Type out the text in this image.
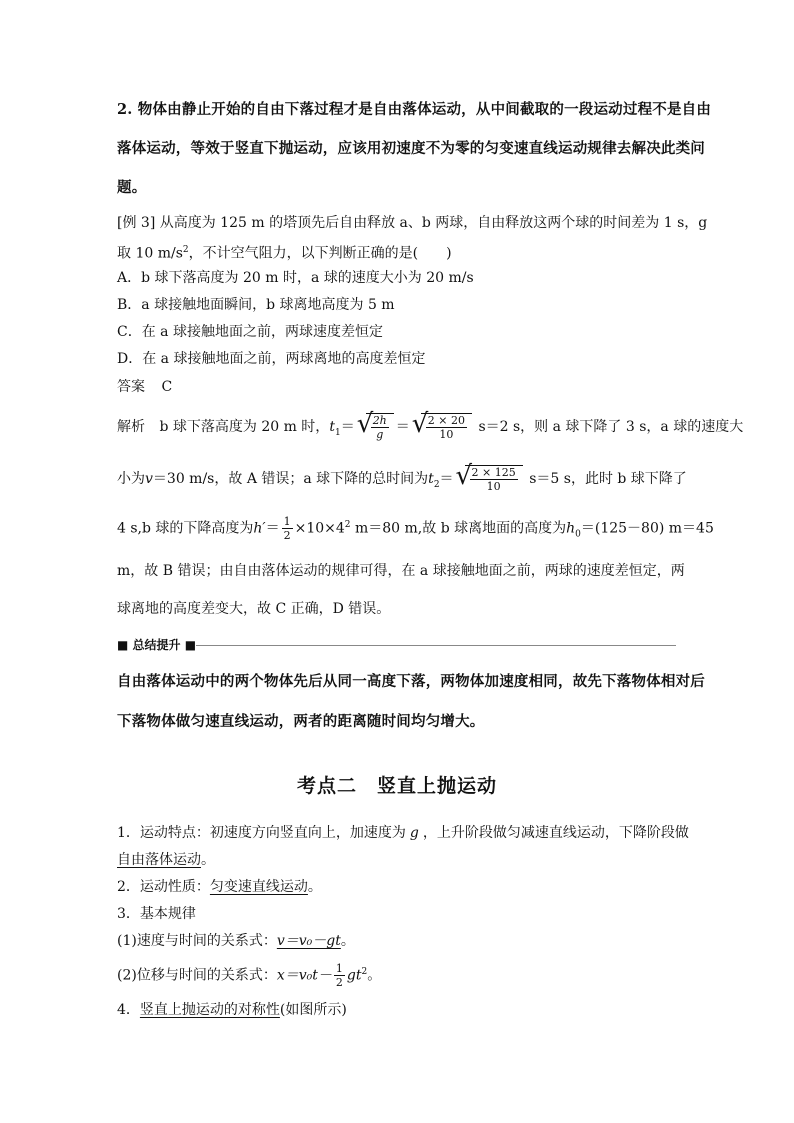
2. 物体由静止开始的自由下落过程才是自由落体运动，从中间截取的一段运动过程不是自由
落体运动，等效于竖直下抛运动，应该用初速度不为零的匀变速直线运动规律去解决此类问
题。
[例 3] 从高度为 125 m 的塔顶先后自由释放 a、b 两球，自由释放这两个球的时间差为 1 s，g
取 10 $m/s^2$，不计空气阻力，以下判断正确的是(　　)
A．b 球下落高度为 20 m 时，a 球的速度大小为 20 m/s
B．a 球接触地面瞬间，b 球离地高度为 5 m
C．在 a 球接触地面之前，两球速度差恒定
D．在 a 球接触地面之前，两球离地的高度差恒定
答案 C
解析 b 球下落高度为 20 m 时，$t_1=$ √
$\frac{2h}{g}$ ＝ √
$\frac{2 \times 20}{10} s=2$ s，则 a 球下降了 3 s，a 球的速度大
小为v＝30 m/s，故 A 错误；a 球下降的总时间为$t_2=$ √
$\frac{2 \times 125}{10} s=5$ s，此时 b 球下降了
4 s,b 球的下降高度为$h'= \frac{1}{2} \times 10\times 4^2$ m＝80 m,故 b 球离地面的高度为$h_0=(125-80)$ m＝45
m，故 B 错误；由自由落体运动的规律可得，在 a 球接触地面之前，两球的速度差恒定，两
球离地的高度差变大，故 C 正确，D 错误。
■ 总结提升 ■
自由落体运动中的两个物体先后从同一高度下落，两物体加速度相同，故先下落物体相对后
下落物体做匀速直线运动，两者的距离随时间均匀增大。
考点二　竖直上抛运动
1．运动特点：初速度方向竖直向上，加速度为 g ，上升阶段做匀减速直线运动，下降阶段做
自由落体运动。
2．运动性质：匀变速直线运动。
3．基本规律
(1)速度与时间的关系式：v＝v₀－gt。
(2)位移与时间的关系式：$x=v_0t- \frac{1}{2} gt^2$。
4．竖直上抛运动的对称性(如图所示)
